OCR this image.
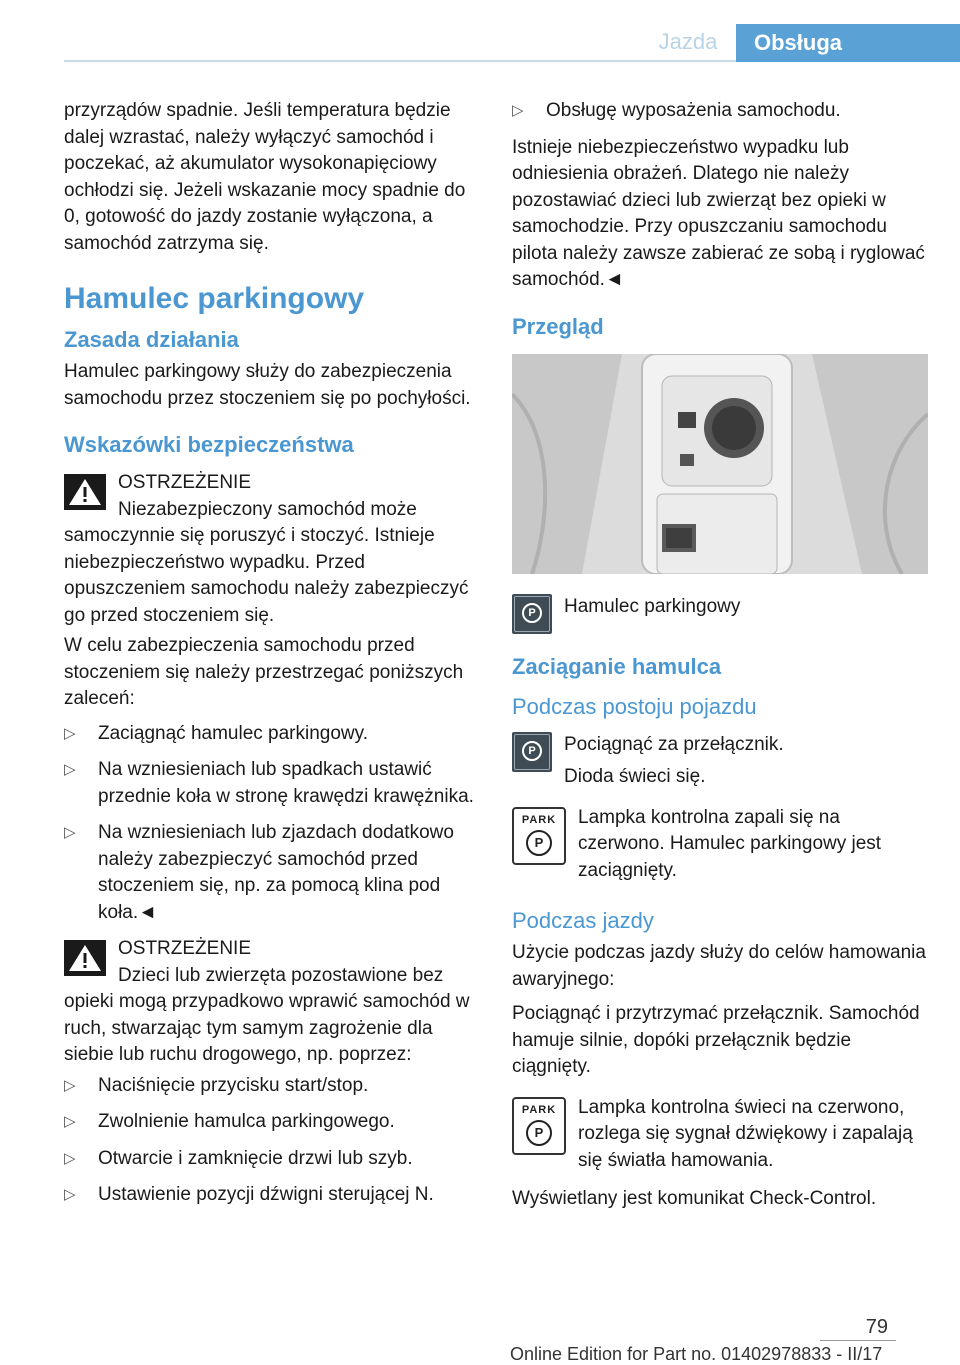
Jazda	Obsługa

przyrządów spadnie. Jeśli temperatura będzie dalej wzrastać, należy wyłączyć samochód i poczekać, aż akumulator wysokonapięciowy ochłodzi się. Jeżeli wskazanie mocy spadnie do 0, gotowość do jazdy zostanie wyłączona, a samochód zatrzyma się.

Hamulec parkingowy
Zasada działania

Hamulec parkingowy służy do zabezpieczenia samochodu przez stoczeniem się po pochyłości.

Wskazówki bezpieczeństwa
OSTRZEŻENIE
Niezabezpieczony samochód może samoczynnie się poruszyć i stoczyć. Istnieje niebezpieczeństwo wypadku. Przed opuszczeniem samochodu należy zabezpieczyć go przed stoczeniem się.

W celu zabezpieczenia samochodu przed stoczeniem się należy przestrzegać poniższych zaleceń:

▷ Zaciągnąć hamulec parkingowy.
▷ Na wzniesieniach lub spadkach ustawić przednie koła w stronę krawędzi krawężnika.
▷ Na wzniesieniach lub zjazdach dodatkowo należy zabezpieczyć samochód przed stoczeniem się, np. za pomocą klina pod koła.◄
OSTRZEŻENIE
Dzieci lub zwierzęta pozostawione bez opieki mogą przypadkowo wprawić samochód w ruch, stwarzając tym samym zagrożenie dla siebie lub ruchu drogowego, np. poprzez:
▷ Naciśnięcie przycisku start/stop.
▷ Zwolnienie hamulca parkingowego.
▷ Otwarcie i zamknięcie drzwi lub szyb.
▷ Ustawienie pozycji dźwigni sterującej N.
▷ Obsługę wyposażenia samochodu.

Istnieje niebezpieczeństwo wypadku lub odniesienia obrażeń. Dlatego nie należy pozostawiać dzieci lub zwierząt bez opieki w samochodzie. Przy opuszczaniu samochodu pilota należy zawsze zabierać ze sobą i ryglować samochód.◄

Przegląd
P	Hamulec parkingowy
Zaciąganie hamulca
Podczas postoju pojazdu
P	Pociągnąć za przełącznik.
Dioda świeci się.
PARK
P
Lampka kontrolna zapali się na czerwono. Hamulec parkingowy jest zaciągnięty.
Podczas jazdy

Użycie podczas jazdy służy do celów hamowania awaryjnego:

Pociągnąć i przytrzymać przełącznik. Samochód hamuje silnie, dopóki przełącznik będzie ciągnięty.

PARK
P
Lampka kontrolna świeci na czerwono, rozlega się sygnał dźwiękowy i zapalają się światła hamowania.

Wyświetlany jest komunikat Check-Control.

79
Online Edition for Part no. 01402978833 - II/17
